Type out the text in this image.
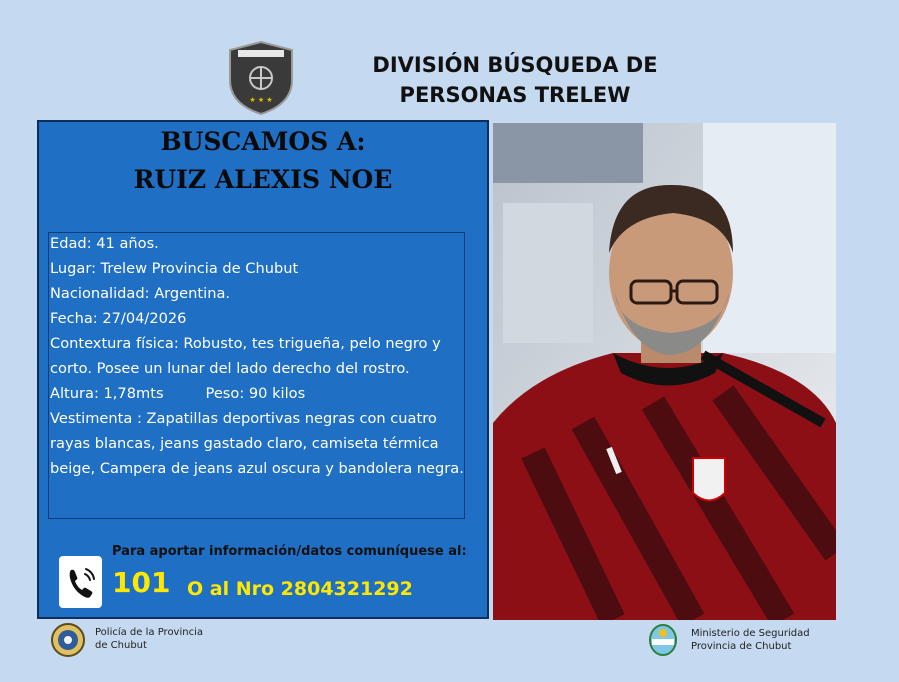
★ ★ ★
DIVISIÓN BÚSQUEDA DE
PERSONAS TRELEW
BUSCAMOS A:
RUIZ ALEXIS NOE

Edad: 41 años.

Lugar: Trelew Provincia de Chubut

Nacionalidad: Argentina.

Fecha: 27/04/2026

Contextura física: Robusto, tes trigueña, pelo negro y corto. Posee un lunar del lado derecho del rostro.

Altura: 1,78mts	Peso: 90 kilos

Vestimenta : Zapatillas deportivas negras con cuatro rayas blancas, jeans gastado claro, camiseta térmica beige, Campera de jeans azul oscura y bandolera negra.

Para aportar información/datos comuníquese al:
101 O al Nro 2804321292
Policía de la Provincia
de Chubut
Ministerio de Seguridad
Provincia de Chubut
